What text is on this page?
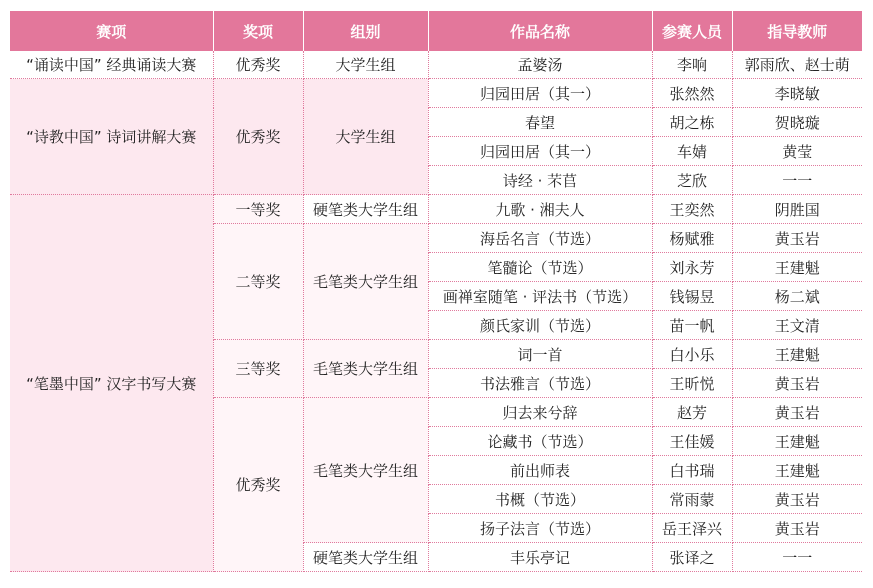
赛项	奖项	组别	作品名称	参赛人员	指导教师
“诵读中国” 经典诵读大赛	优秀奖	大学生组	孟婆汤	李响	郭雨欣、赵士萌
“诗教中国” 诗词讲解大赛	优秀奖	大学生组	归园田居（其一）	张然然	李晓敏
			春望	胡之栋	贺晓璇
			归园田居（其一）	车婧	黄莹
			诗经 · 芣苢	芝欣	一一
“笔墨中国” 汉字书写大赛	一等奖	硬笔类大学生组	九歌 · 湘夫人	王奕然	阴胜国
	二等奖	毛笔类大学生组	海岳名言（节选）	杨赋雅	黄玉岩
			笔髓论（节选）	刘永芳	王建魁
			画禅室随笔 · 评法书（节选）	钱锡昱	杨二斌
			颜氏家训（节选）	苗一帆	王文清
	三等奖	毛笔类大学生组	词一首	白小乐	王建魁
			书法雅言（节选）	王昕悦	黄玉岩
	优秀奖	毛笔类大学生组	归去来兮辞	赵芳	黄玉岩
			论藏书（节选）	王佳媛	王建魁
			前出师表	白书瑞	王建魁
			书概（节选）	常雨蒙	黄玉岩
			扬子法言（节选）	岳王泽兴	黄玉岩
		硬笔类大学生组	丰乐亭记	张译之	一一
